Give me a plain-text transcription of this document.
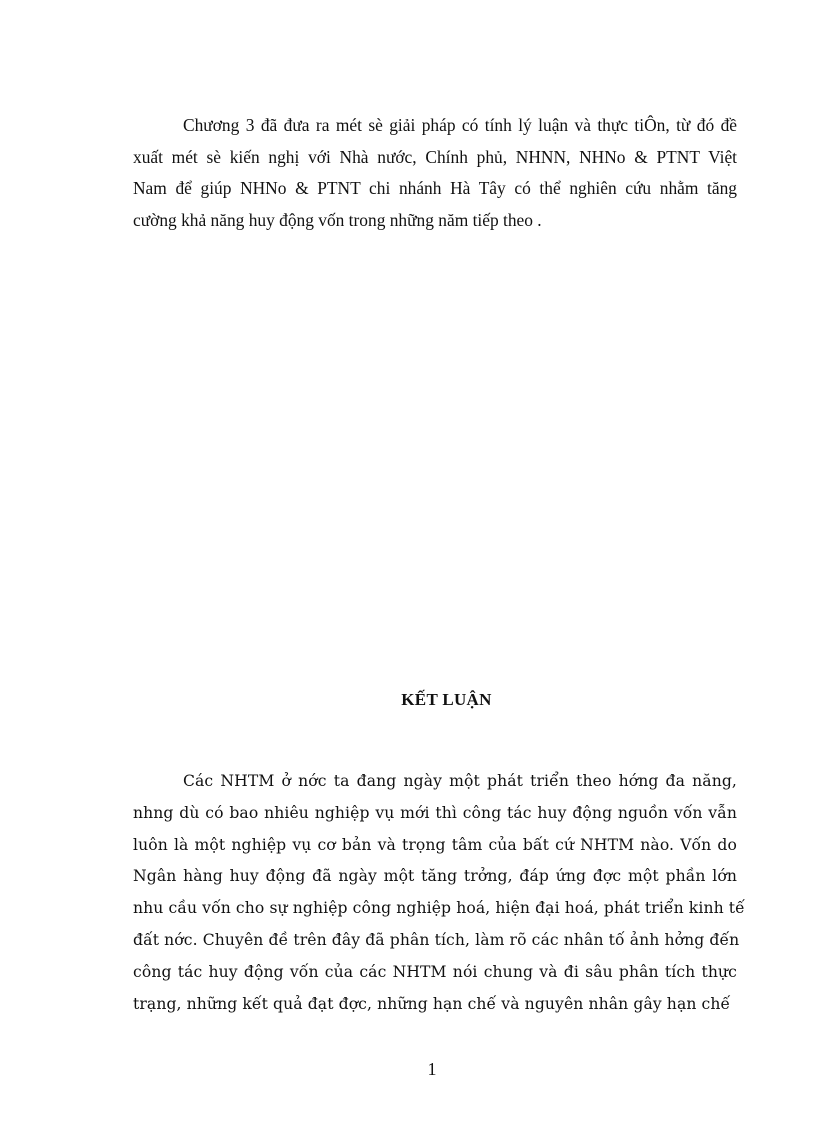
Chương 3 đã đưa ra mét sè giải pháp có tính lý luận và thực tiÔn, từ đó đề
xuất mét sè kiến nghị với Nhà nước, Chính phủ, NHNN, NHNo & PTNT Việt
Nam để giúp NHNo & PTNT chi nhánh Hà Tây có thể nghiên cứu nhằm tăng
cường khả năng huy động vốn trong những năm tiếp theo .

KẾT LUẬN

Các NHTM ở nớc ta đang ngày một phát triển theo hớng đa năng,
nhng dù có bao nhiêu nghiệp vụ mới thì công tác huy động nguồn vốn vẫn
luôn là một nghiệp vụ cơ bản và trọng tâm của bất cứ NHTM nào. Vốn do
Ngân hàng huy động đã ngày một tăng trởng, đáp ứng đợc một phần lớn
nhu cầu vốn cho sự nghiệp công nghiệp hoá, hiện đại hoá, phát triển kinh tế
đất nớc. Chuyên đề trên đây đã phân tích, làm rõ các nhân tố ảnh hởng đến
công tác huy động vốn của các NHTM nói chung và đi sâu phân tích thực
trạng, những kết quả đạt đợc, những hạn chế và nguyên nhân gây hạn chế

1
